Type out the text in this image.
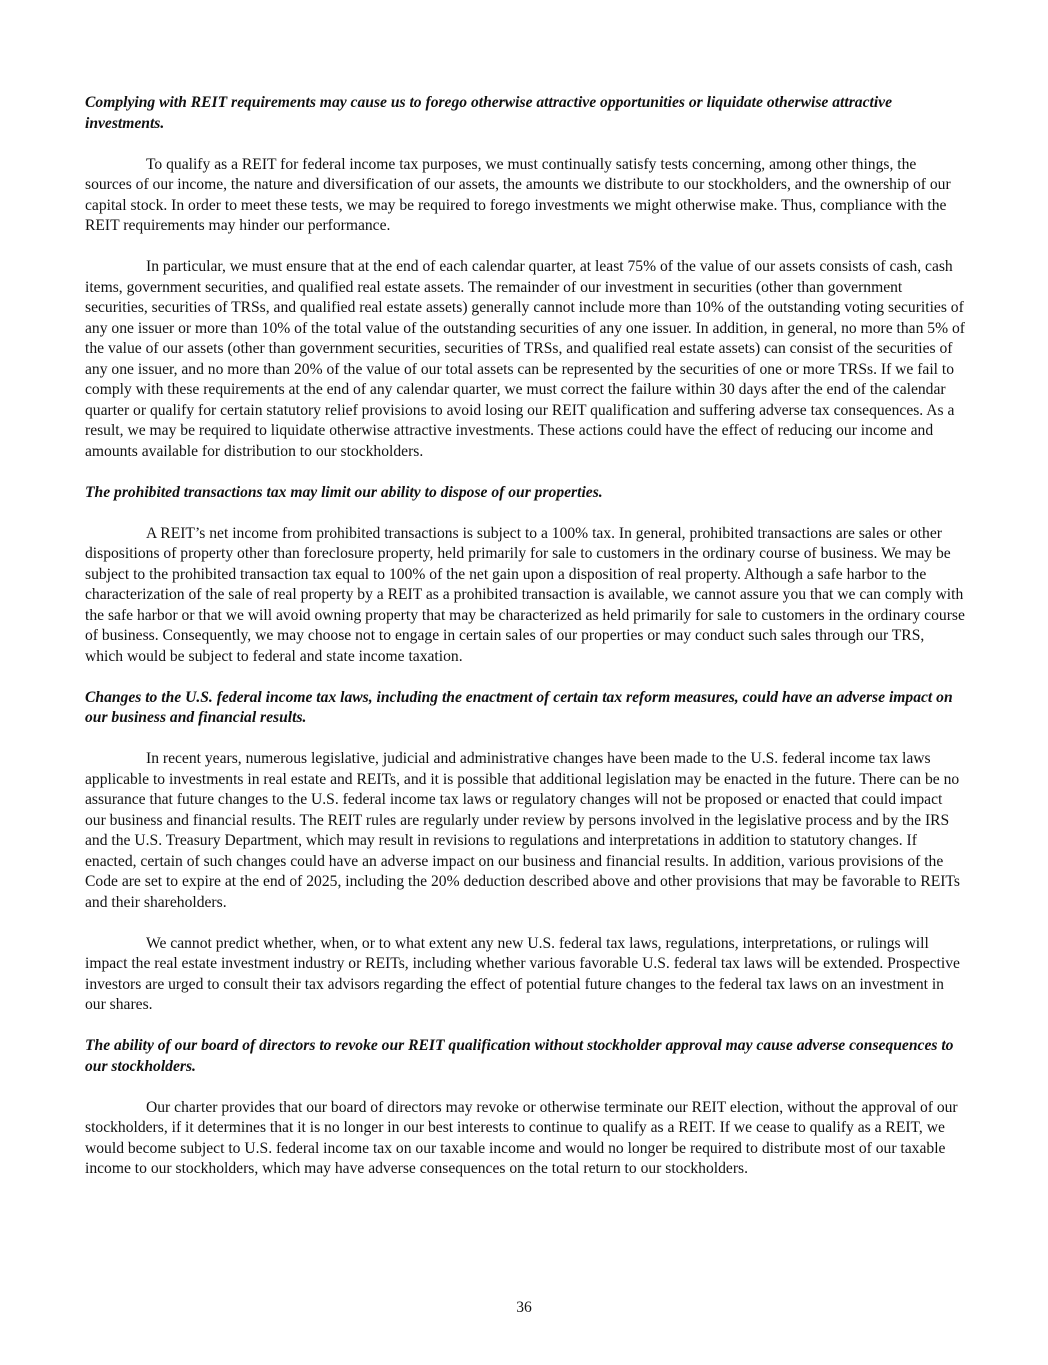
Complying with REIT requirements may cause us to forego otherwise attractive opportunities or liquidate otherwise attractive investments.

To qualify as a REIT for federal income tax purposes, we must continually satisfy tests concerning, among other things, the sources of our income, the nature and diversification of our assets, the amounts we distribute to our stockholders, and the ownership of our capital stock. In order to meet these tests, we may be required to forego investments we might otherwise make. Thus, compliance with the REIT requirements may hinder our performance.

In particular, we must ensure that at the end of each calendar quarter, at least 75% of the value of our assets consists of cash, cash items, government securities, and qualified real estate assets. The remainder of our investment in securities (other than government securities, securities of TRSs, and qualified real estate assets) generally cannot include more than 10% of the outstanding voting securities of any one issuer or more than 10% of the total value of the outstanding securities of any one issuer. In addition, in general, no more than 5% of the value of our assets (other than government securities, securities of TRSs, and qualified real estate assets) can consist of the securities of any one issuer, and no more than 20% of the value of our total assets can be represented by the securities of one or more TRSs. If we fail to comply with these requirements at the end of any calendar quarter, we must correct the failure within 30 days after the end of the calendar quarter or qualify for certain statutory relief provisions to avoid losing our REIT qualification and suffering adverse tax consequences. As a result, we may be required to liquidate otherwise attractive investments. These actions could have the effect of reducing our income and amounts available for distribution to our stockholders.

The prohibited transactions tax may limit our ability to dispose of our properties.

A REIT’s net income from prohibited transactions is subject to a 100% tax. In general, prohibited transactions are sales or other dispositions of property other than foreclosure property, held primarily for sale to customers in the ordinary course of business. We may be subject to the prohibited transaction tax equal to 100% of the net gain upon a disposition of real property. Although a safe harbor to the characterization of the sale of real property by a REIT as a prohibited transaction is available, we cannot assure you that we can comply with the safe harbor or that we will avoid owning property that may be characterized as held primarily for sale to customers in the ordinary course of business. Consequently, we may choose not to engage in certain sales of our properties or may conduct such sales through our TRS, which would be subject to federal and state income taxation.

Changes to the U.S. federal income tax laws, including the enactment of certain tax reform measures, could have an adverse impact on our business and financial results.

In recent years, numerous legislative, judicial and administrative changes have been made to the U.S. federal income tax laws applicable to investments in real estate and REITs, and it is possible that additional legislation may be enacted in the future. There can be no assurance that future changes to the U.S. federal income tax laws or regulatory changes will not be proposed or enacted that could impact our business and financial results. The REIT rules are regularly under review by persons involved in the legislative process and by the IRS and the U.S. Treasury Department, which may result in revisions to regulations and interpretations in addition to statutory changes. If enacted, certain of such changes could have an adverse impact on our business and financial results. In addition, various provisions of the Code are set to expire at the end of 2025, including the 20% deduction described above and other provisions that may be favorable to REITs and their shareholders.

We cannot predict whether, when, or to what extent any new U.S. federal tax laws, regulations, interpretations, or rulings will impact the real estate investment industry or REITs, including whether various favorable U.S. federal tax laws will be extended. Prospective investors are urged to consult their tax advisors regarding the effect of potential future changes to the federal tax laws on an investment in our shares.

The ability of our board of directors to revoke our REIT qualification without stockholder approval may cause adverse consequences to our stockholders.

Our charter provides that our board of directors may revoke or otherwise terminate our REIT election, without the approval of our stockholders, if it determines that it is no longer in our best interests to continue to qualify as a REIT. If we cease to qualify as a REIT, we would become subject to U.S. federal income tax on our taxable income and would no longer be required to distribute most of our taxable income to our stockholders, which may have adverse consequences on the total return to our stockholders.

36
